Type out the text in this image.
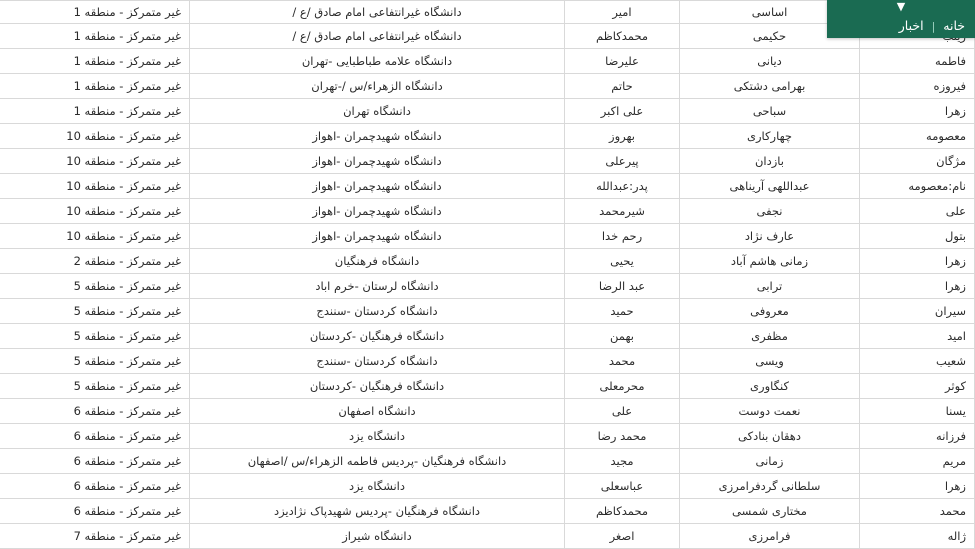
	اساسی	امیر	دانشگاه غیرانتفاعی امام صادق /ع /	غیر متمرکز - منطقه 1
	حکیمی	محمدکاظم	دانشگاه غیرانتفاعی امام صادق /ع /	غیر متمرکز - منطقه 1
فاطمه	دیانی	علیرضا	دانشگاه علامه طباطبایی -تهران	غیر متمرکز - منطقه 1
فیروزه	بهرامی دشتکی	حاتم	دانشگاه الزهراء/س /-تهران	غیر متمرکز - منطقه 1
زهرا	سباحی	علی اکبر	دانشگاه تهران	غیر متمرکز - منطقه 1
معصومه	چهارکاری	بهروز	دانشگاه شهیدچمران -اهواز	غیر متمرکز - منطقه 10
مژگان	بازدان	پیرعلی	دانشگاه شهیدچمران -اهواز	غیر متمرکز - منطقه 10
نام:معصومه	عبداللهی آریناهی	پدر:عبدالله	دانشگاه شهیدچمران -اهواز	غیر متمرکز - منطقه 10
علی	نجفی	شیرمحمد	دانشگاه شهیدچمران -اهواز	غیر متمرکز - منطقه 10
بتول	عارف نژاد	رحم خدا	دانشگاه شهیدچمران -اهواز	غیر متمرکز - منطقه 10
زهرا	زمانی هاشم آباد	یحیی	دانشگاه فرهنگیان	غیر متمرکز - منطقه 2
زهرا	ترابی	عبد الرضا	دانشگاه لرستان -خرم اباد	غیر متمرکز - منطقه 5
سیران	معروفی	حمید	دانشگاه کردستان -سنندج	غیر متمرکز - منطقه 5
امید	مظفری	بهمن	دانشگاه فرهنگیان -کردستان	غیر متمرکز - منطقه 5
شعیب	ویسی	محمد	دانشگاه کردستان -سنندج	غیر متمرکز - منطقه 5
کوثر	کنگاوری	محرمعلی	دانشگاه فرهنگیان -کردستان	غیر متمرکز - منطقه 5
یسنا	نعمت دوست	علی	دانشگاه اصفهان	غیر متمرکز - منطقه 6
فرزانه	دهقان بنادکی	محمد رضا	دانشگاه یزد	غیر متمرکز - منطقه 6
مریم	زمانی	مجید	دانشگاه فرهنگیان -پردیس فاطمه الزهراء/س /اصفهان	غیر متمرکز - منطقه 6
زهرا	سلطانی گردفرامرزی	عباسعلی	دانشگاه یزد	غیر متمرکز - منطقه 6
محمد	مختاری شمسی	محمدکاظم	دانشگاه فرهنگیان -پردیس شهیدپاک نژادیزد	غیر متمرکز - منطقه 6
ژاله	فرامرزی	اصغر	دانشگاه شیراز	غیر متمرکز - منطقه 7
▼
خانه
|
اخبار
